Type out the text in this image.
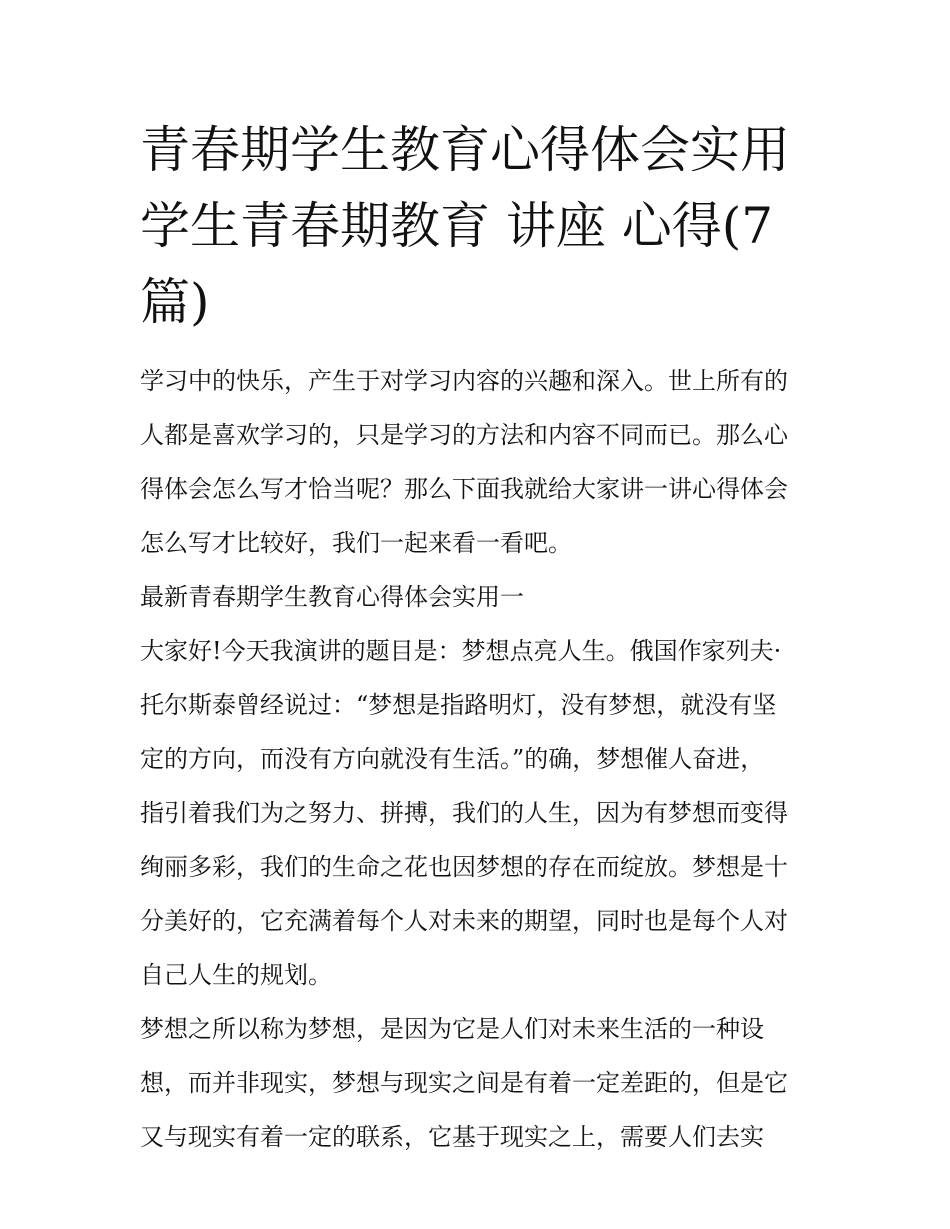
青春期学生教育心得体会实用
学生青春期教育 讲座 心得(7
篇)

学习中的快乐，产生于对学习内容的兴趣和深入。世上所有的
人都是喜欢学习的，只是学习的方法和内容不同而已。那么心
得体会怎么写才恰当呢？那么下面我就给大家讲一讲心得体会
怎么写才比较好，我们一起来看一看吧。

最新青春期学生教育心得体会实用一

大家好!今天我演讲的题目是：梦想点亮人生。俄国作家列夫·
托尔斯泰曾经说过：“梦想是指路明灯，没有梦想，就没有坚
定的方向，而没有方向就没有生活。”的确，梦想催人奋进，
指引着我们为之努力、拼搏，我们的人生，因为有梦想而变得
绚丽多彩，我们的生命之花也因梦想的存在而绽放。梦想是十
分美好的，它充满着每个人对未来的期望，同时也是每个人对
自己人生的规划。

梦想之所以称为梦想，是因为它是人们对未来生活的一种设
想，而并非现实，梦想与现实之间是有着一定差距的，但是它
又与现实有着一定的联系，它基于现实之上，需要人们去实
